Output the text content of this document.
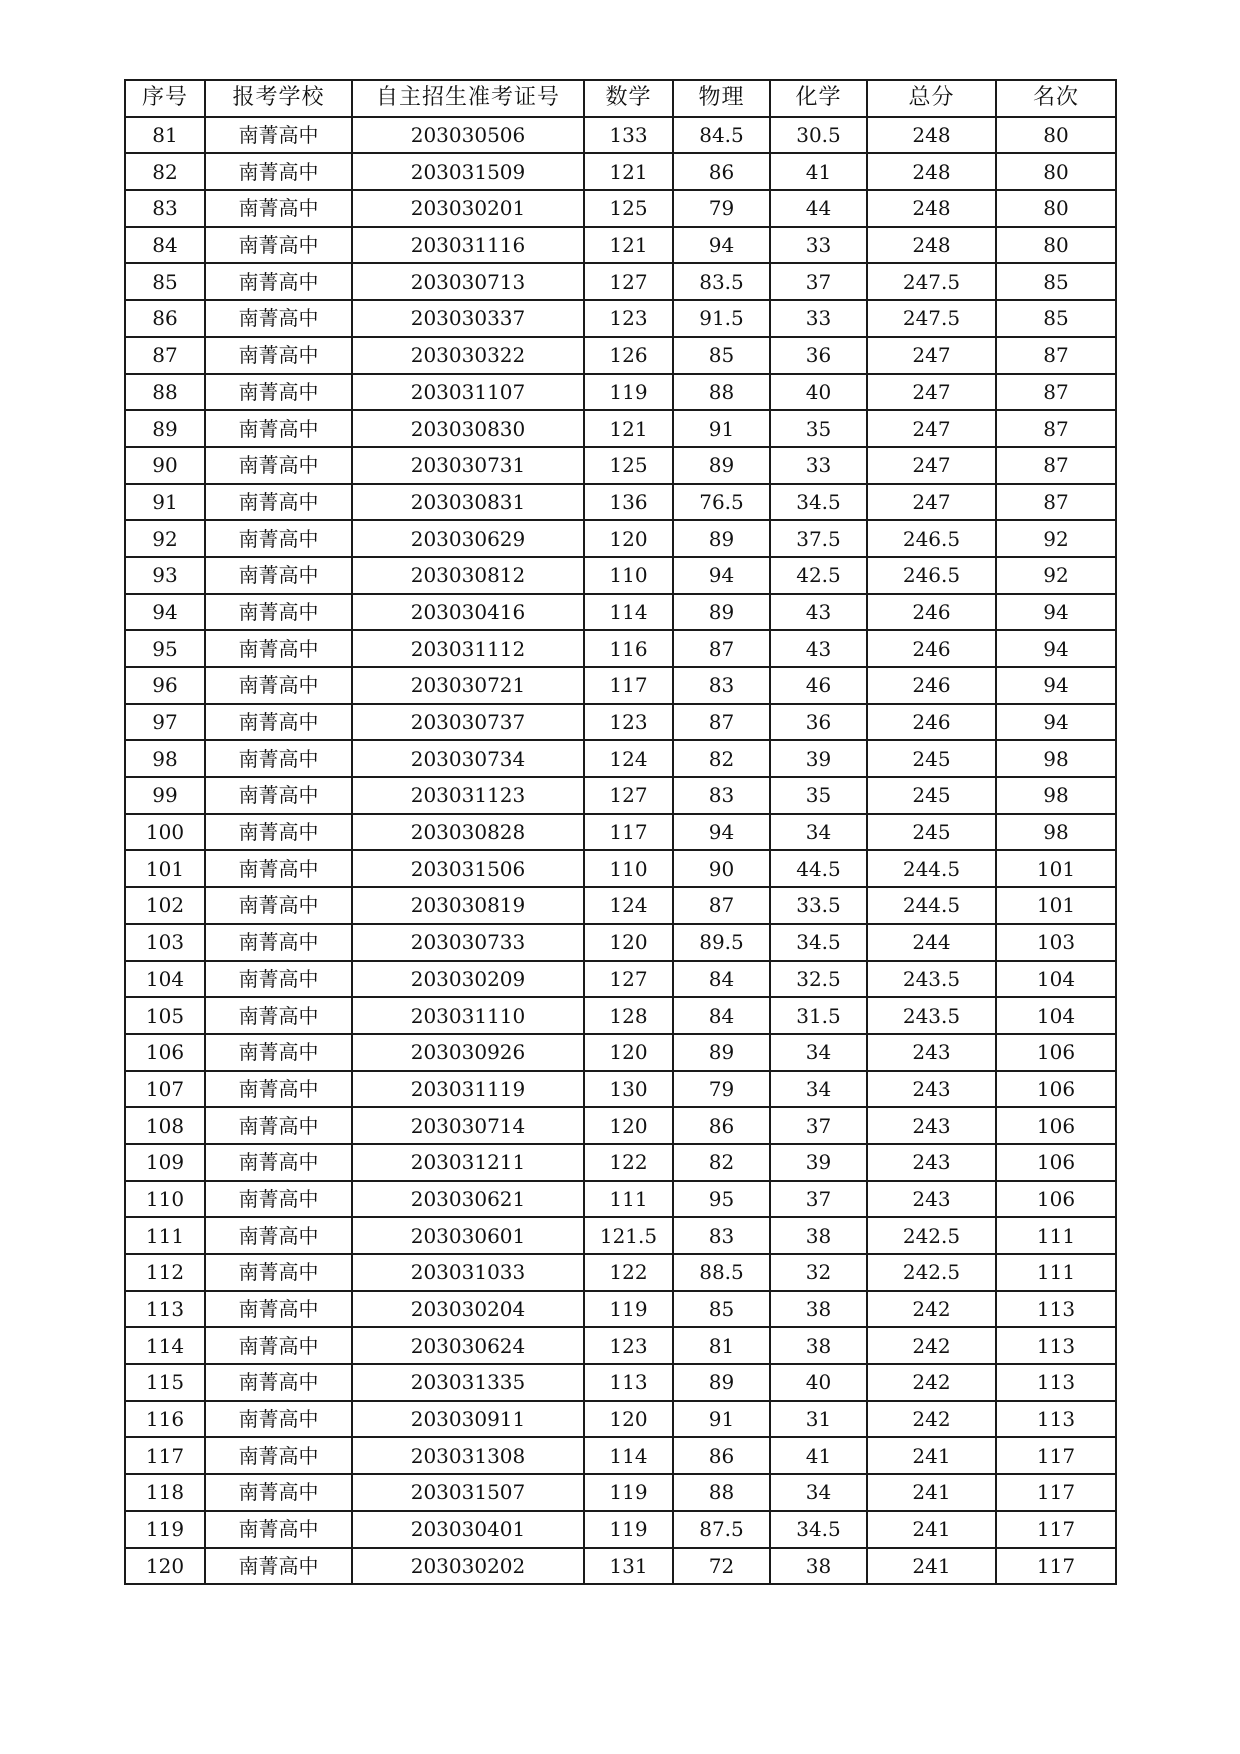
序号	报考学校	自主招生准考证号	数学	物理	化学	总分	名次
81	南菁高中	203030506	133	84.5	30.5	248	80
82	南菁高中	203031509	121	86	41	248	80
83	南菁高中	203030201	125	79	44	248	80
84	南菁高中	203031116	121	94	33	248	80
85	南菁高中	203030713	127	83.5	37	247.5	85
86	南菁高中	203030337	123	91.5	33	247.5	85
87	南菁高中	203030322	126	85	36	247	87
88	南菁高中	203031107	119	88	40	247	87
89	南菁高中	203030830	121	91	35	247	87
90	南菁高中	203030731	125	89	33	247	87
91	南菁高中	203030831	136	76.5	34.5	247	87
92	南菁高中	203030629	120	89	37.5	246.5	92
93	南菁高中	203030812	110	94	42.5	246.5	92
94	南菁高中	203030416	114	89	43	246	94
95	南菁高中	203031112	116	87	43	246	94
96	南菁高中	203030721	117	83	46	246	94
97	南菁高中	203030737	123	87	36	246	94
98	南菁高中	203030734	124	82	39	245	98
99	南菁高中	203031123	127	83	35	245	98
100	南菁高中	203030828	117	94	34	245	98
101	南菁高中	203031506	110	90	44.5	244.5	101
102	南菁高中	203030819	124	87	33.5	244.5	101
103	南菁高中	203030733	120	89.5	34.5	244	103
104	南菁高中	203030209	127	84	32.5	243.5	104
105	南菁高中	203031110	128	84	31.5	243.5	104
106	南菁高中	203030926	120	89	34	243	106
107	南菁高中	203031119	130	79	34	243	106
108	南菁高中	203030714	120	86	37	243	106
109	南菁高中	203031211	122	82	39	243	106
110	南菁高中	203030621	111	95	37	243	106
111	南菁高中	203030601	121.5	83	38	242.5	111
112	南菁高中	203031033	122	88.5	32	242.5	111
113	南菁高中	203030204	119	85	38	242	113
114	南菁高中	203030624	123	81	38	242	113
115	南菁高中	203031335	113	89	40	242	113
116	南菁高中	203030911	120	91	31	242	113
117	南菁高中	203031308	114	86	41	241	117
118	南菁高中	203031507	119	88	34	241	117
119	南菁高中	203030401	119	87.5	34.5	241	117
120	南菁高中	203030202	131	72	38	241	117
